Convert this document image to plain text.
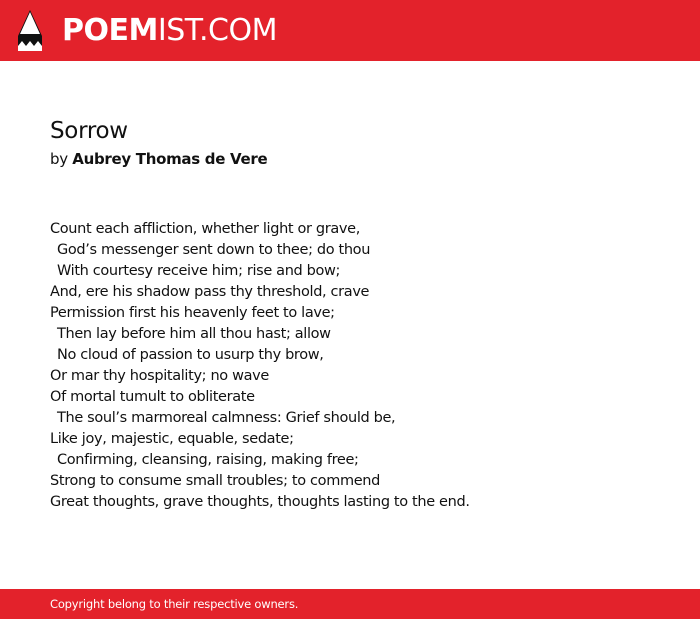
POEMIST.COM
Sorrow
by Aubrey Thomas de Vere
Count each affliction, whether light or grave,
God’s messenger sent down to thee; do thou
With courtesy receive him; rise and bow;
And, ere his shadow pass thy threshold, crave
Permission first his heavenly feet to lave;
Then lay before him all thou hast; allow
No cloud of passion to usurp thy brow,
Or mar thy hospitality; no wave
Of mortal tumult to obliterate
The soul’s marmoreal calmness: Grief should be,
Like joy, majestic, equable, sedate;
Confirming, cleansing, raising, making free;
Strong to consume small troubles; to commend
Great thoughts, grave thoughts, thoughts lasting to the end.
Copyright belong to their respective owners.
